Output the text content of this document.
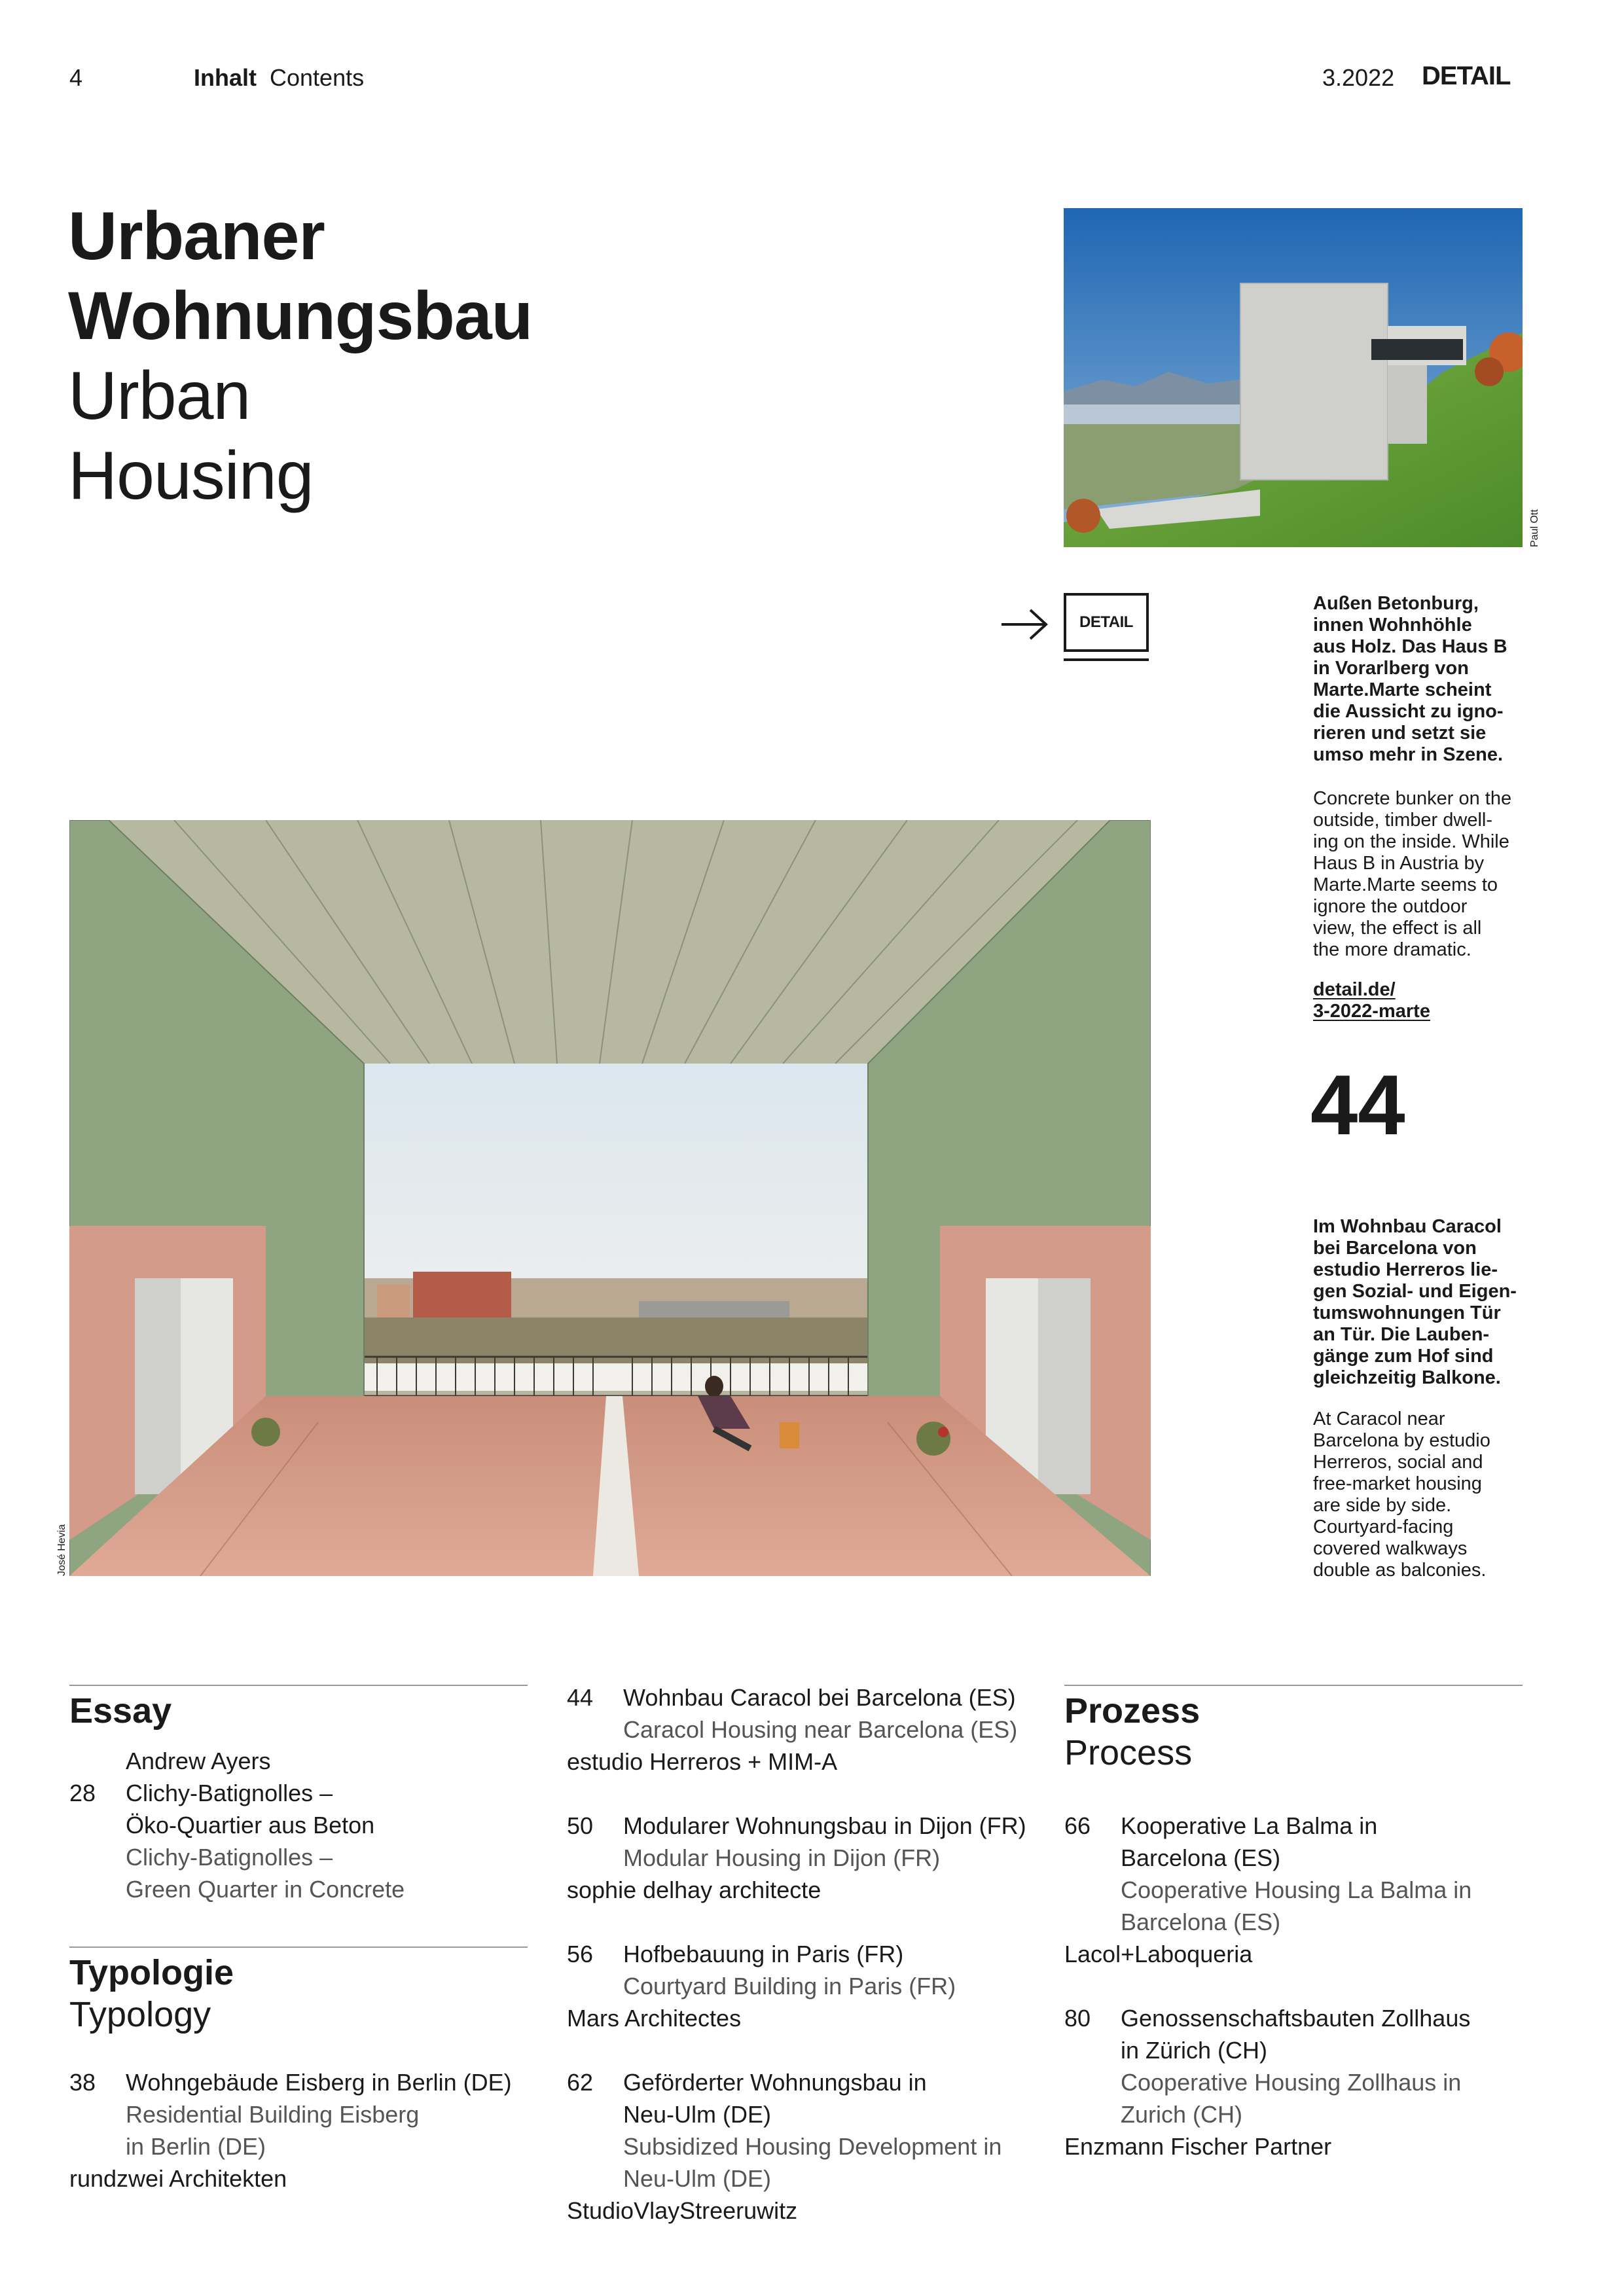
4	Inhalt Contents	3.2022 DETAIL
Urbaner
Wohnungsbau
Urban
Housing
Paul Ott
DETAIL
Außen Betonburg,
innen Wohnhöhle
aus Holz. Das Haus B
in Vorarlberg von
Marte.Marte scheint
die Aussicht zu igno-
rieren und setzt sie
umso mehr in Szene.
Concrete bunker on the
outside, timber dwell-
ing on the inside. While
Haus B in Austria by
Marte.Marte seems to
ignore the outdoor
view, the effect is all
the more dramatic.
detail.de/
3-2022-marte
44
Im Wohnbau Caracol
bei Barcelona von
estudio Herreros lie-
gen Sozial- und Eigen-
tumswohnungen Tür
an Tür. Die Lauben-
gänge zum Hof sind
gleichzeitig Balkone.
At Caracol near
Barcelona by estudio
Herreros, social and
free-market housing
are side by side.
Courtyard-facing
covered walkways
double as balconies.
José Hevia
Essay
Andrew Ayers
28	Clichy-Batignolles –
Öko-Quartier aus Beton
Clichy-Batignolles –
Green Quarter in Concrete
Typologie
Typology
38	Wohngebäude Eisberg in Berlin (DE)
Residential Building Eisberg
in Berlin (DE)
rundzwei Architekten
44	Wohnbau Caracol bei Barcelona (ES)
Caracol Housing near Barcelona (ES)
estudio Herreros + MIM-A
50	Modularer Wohnungsbau in Dijon (FR)
Modular Housing in Dijon (FR)
sophie delhay architecte
56	Hofbebauung in Paris (FR)
Courtyard Building in Paris (FR)
Mars Architectes
62	Geförderter Wohnungsbau in
Neu-Ulm (DE)
Subsidized Housing Development in
Neu-Ulm (DE)
StudioVlayStreeruwitz
Prozess
Process
66	Kooperative La Balma in
Barcelona (ES)
Cooperative Housing La Balma in
Barcelona (ES)
Lacol+Laboqueria
80	Genossenschaftsbauten Zollhaus
in Zürich (CH)
Cooperative Housing Zollhaus in
Zurich (CH)
Enzmann Fischer Partner
